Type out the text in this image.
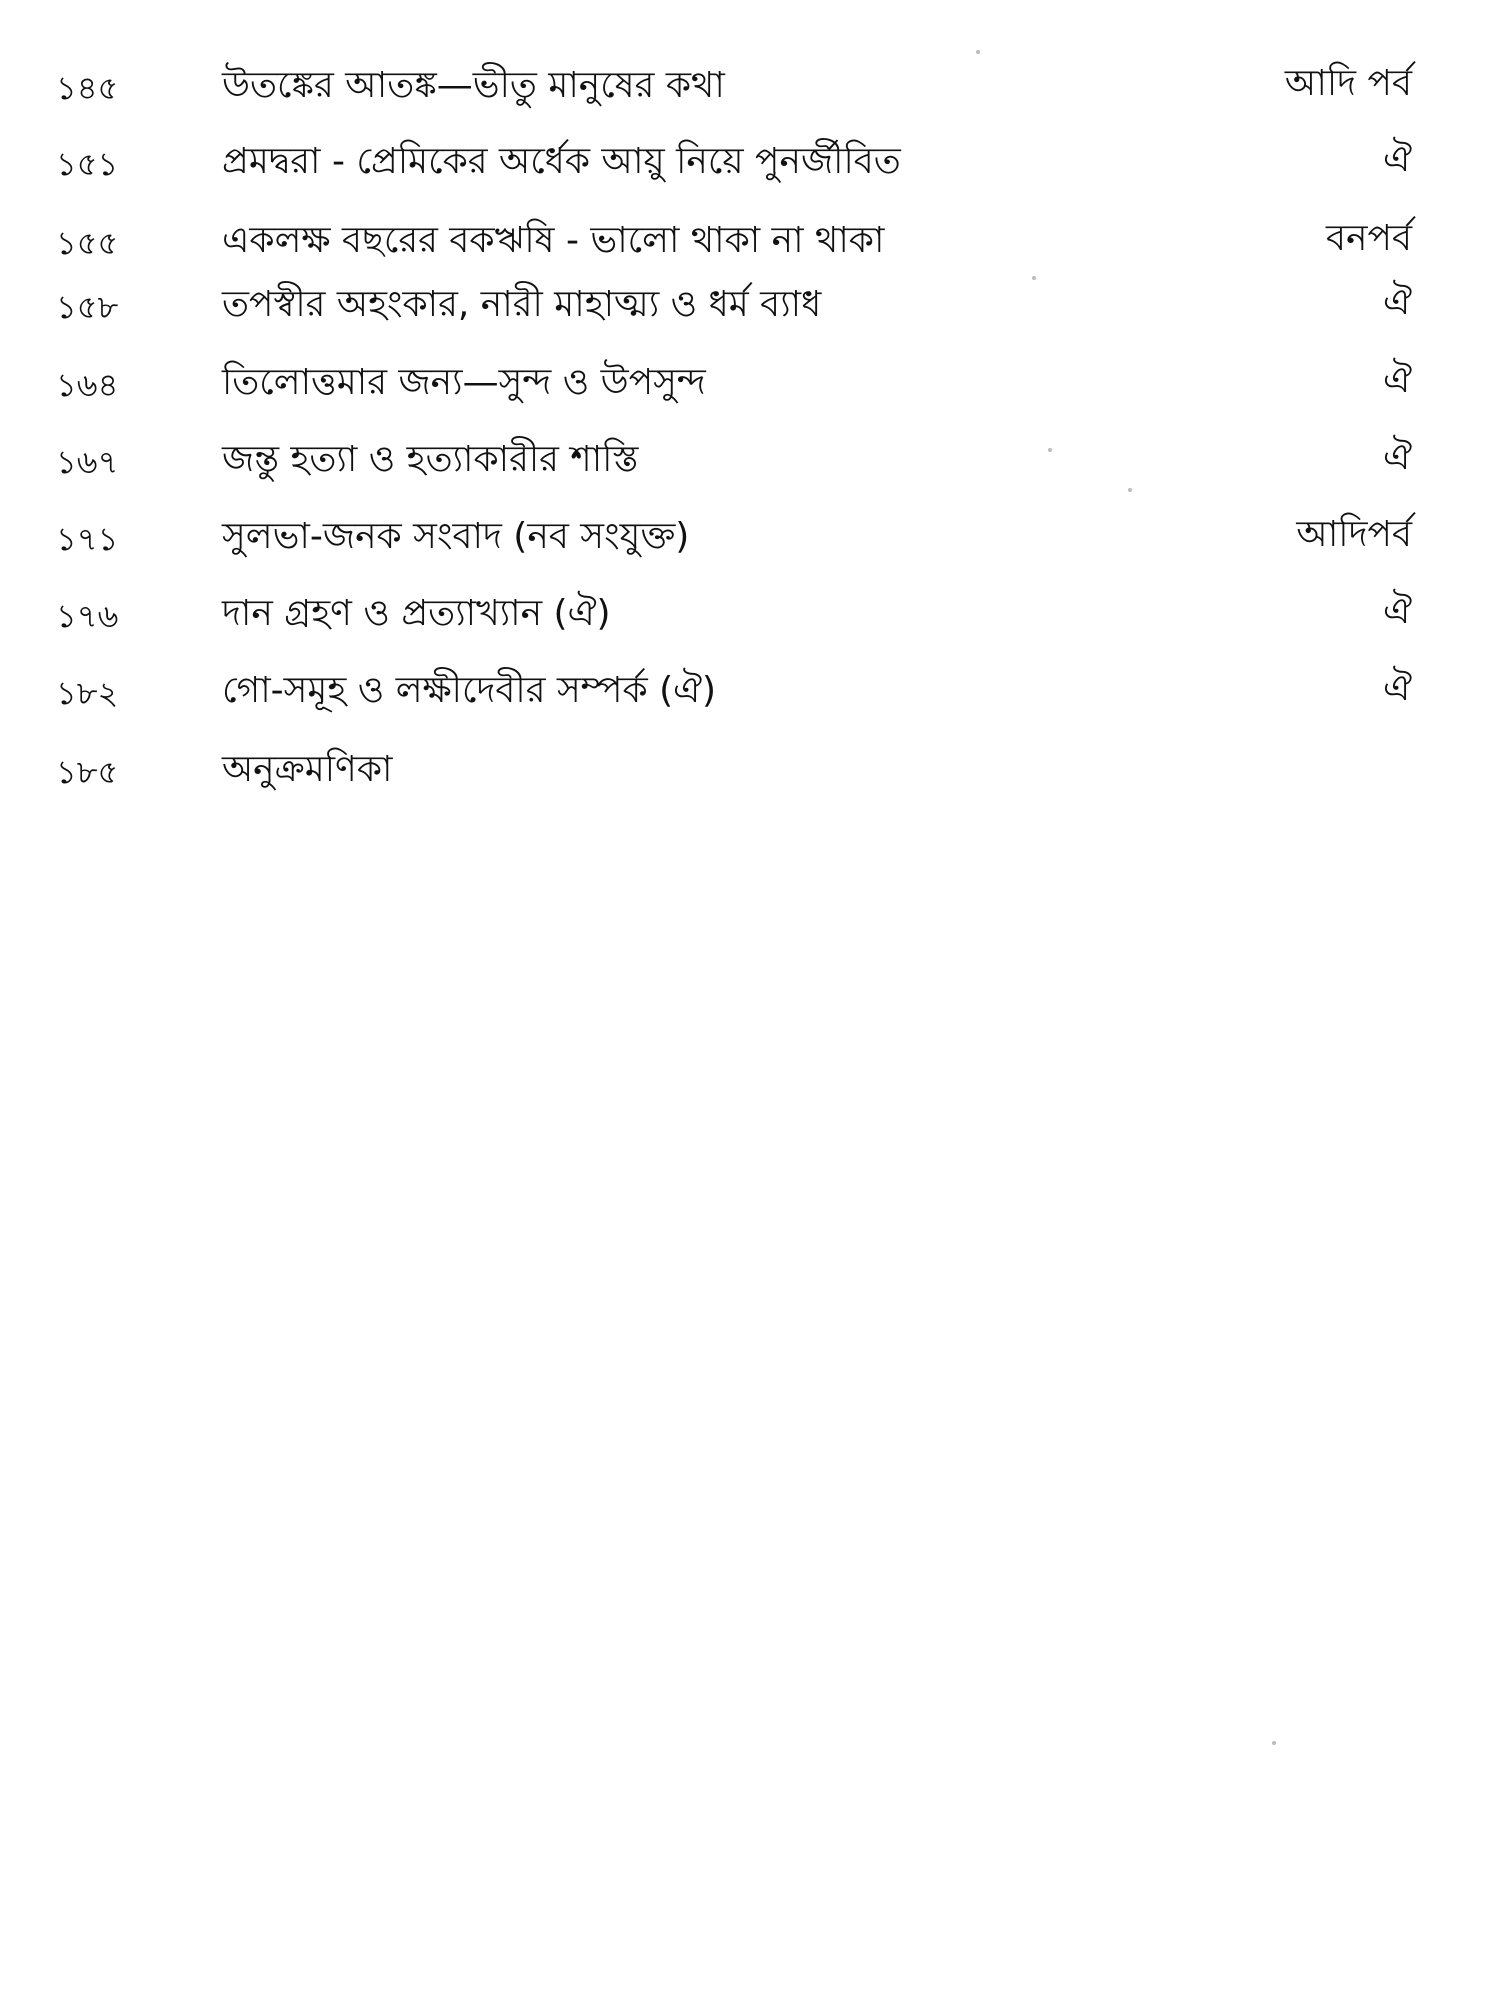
১৪৫	উতঙ্কের আতঙ্ক—ভীতু মানুষের কথা	আদি পর্ব
১৫১	প্রমদ্বরা - প্রেমিকের অর্ধেক আয়ু নিয়ে পুনর্জীবিত	ঐ
১৫৫	একলক্ষ বছরের বকঋষি - ভালো থাকা না থাকা	বনপর্ব
১৫৮	তপস্বীর অহংকার, নারী মাহাত্ম্য ও ধর্ম ব্যাধ	ঐ
১৬৪	তিলোত্তমার জন্য—সুন্দ ও উপসুন্দ	ঐ
১৬৭	জন্তু হত্যা ও হত্যাকারীর শাস্তি	ঐ
১৭১	সুলভা-জনক সংবাদ (নব সংযুক্ত)	আদিপর্ব
১৭৬	দান গ্রহণ ও প্রত্যাখ্যান (ঐ)	ঐ
১৮২	গো-সমূহ ও লক্ষীদেবীর সম্পর্ক (ঐ)	ঐ
১৮৫	অনুক্রমণিকা
